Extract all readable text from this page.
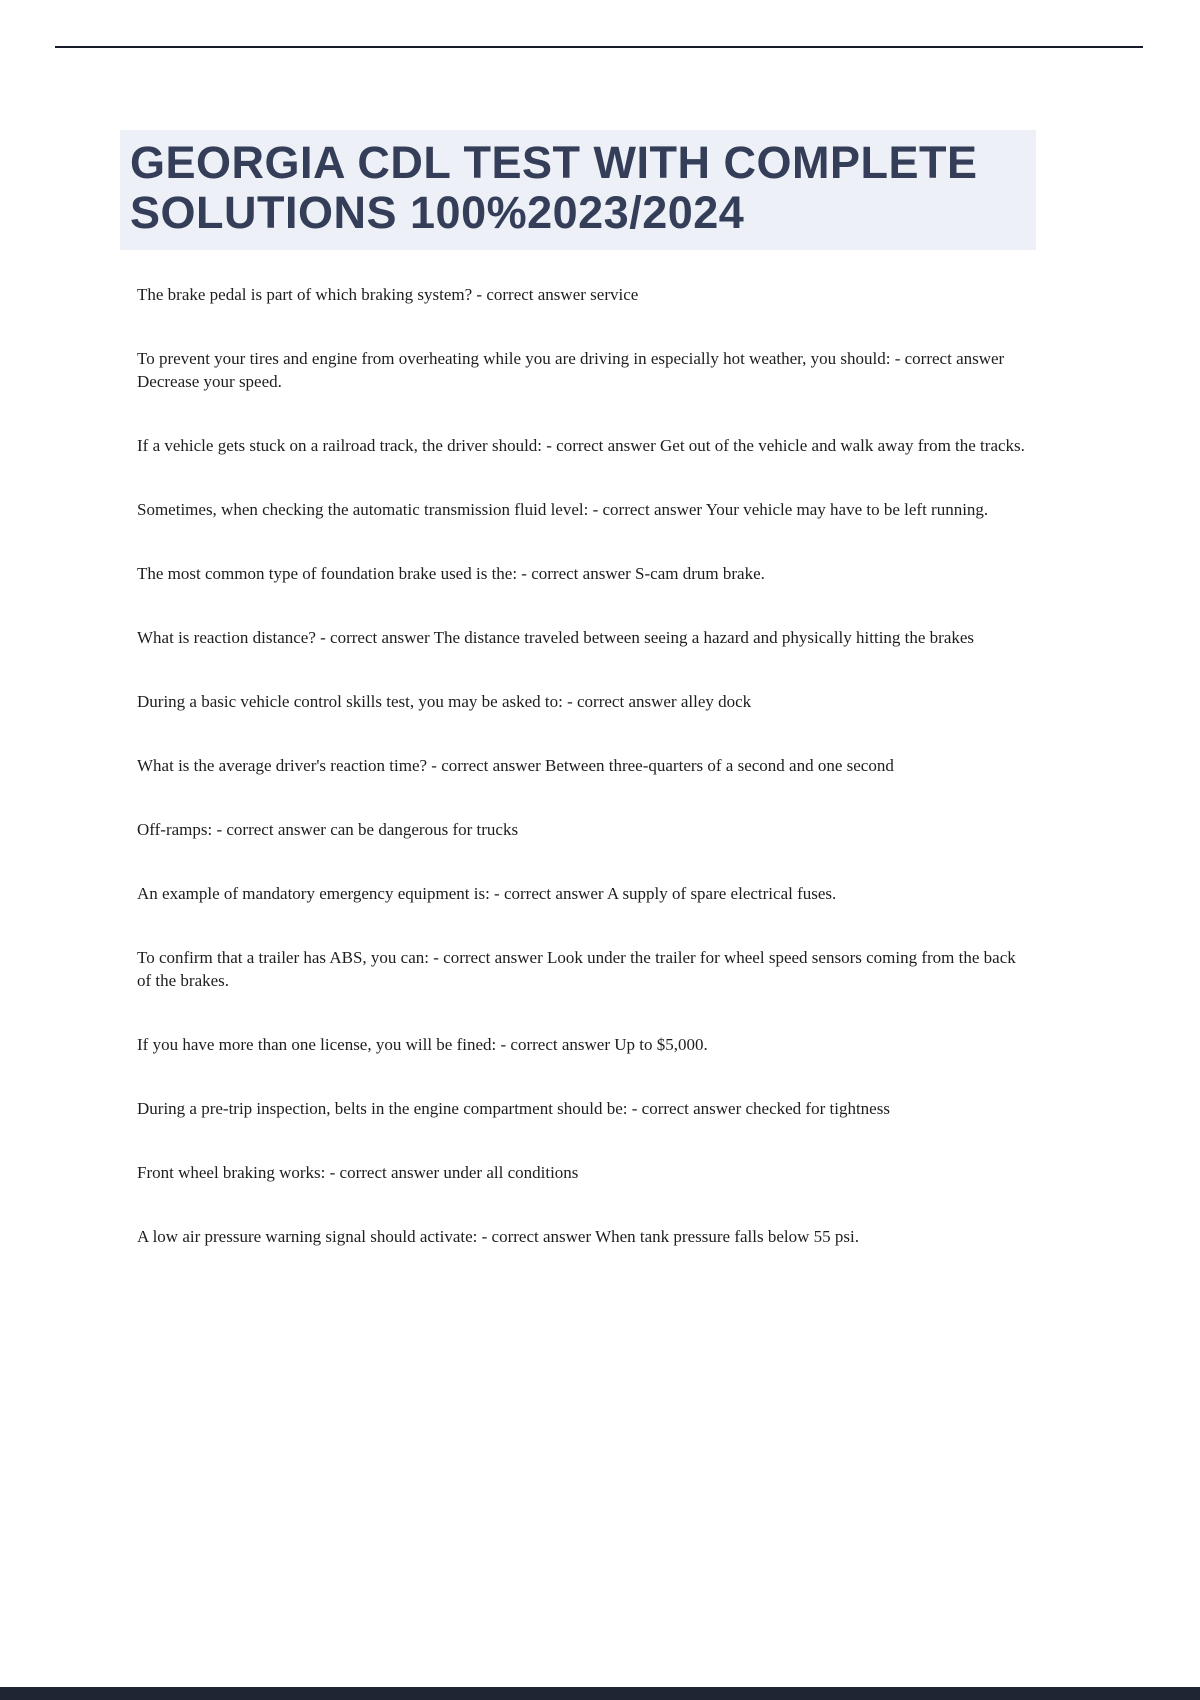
GEORGIA CDL TEST WITH COMPLETE SOLUTIONS 100%2023/2024

The brake pedal is part of which braking system? - correct answer service

To prevent your tires and engine from overheating while you are driving in especially hot weather, you should: - correct answer Decrease your speed.

If a vehicle gets stuck on a railroad track, the driver should: - correct answer Get out of the vehicle and walk away from the tracks.

Sometimes, when checking the automatic transmission fluid level: - correct answer Your vehicle may have to be left running.

The most common type of foundation brake used is the: - correct answer S-cam drum brake.

What is reaction distance? - correct answer The distance traveled between seeing a hazard and physically hitting the brakes

During a basic vehicle control skills test, you may be asked to: - correct answer alley dock

What is the average driver's reaction time? - correct answer Between three-quarters of a second and one second

Off-ramps: - correct answer can be dangerous for trucks

An example of mandatory emergency equipment is: - correct answer A supply of spare electrical fuses.

To confirm that a trailer has ABS, you can: - correct answer Look under the trailer for wheel speed sensors coming from the back of the brakes.

If you have more than one license, you will be fined: - correct answer Up to $5,000.

During a pre-trip inspection, belts in the engine compartment should be: - correct answer checked for tightness

Front wheel braking works: - correct answer under all conditions

A low air pressure warning signal should activate: - correct answer When tank pressure falls below 55 psi.
